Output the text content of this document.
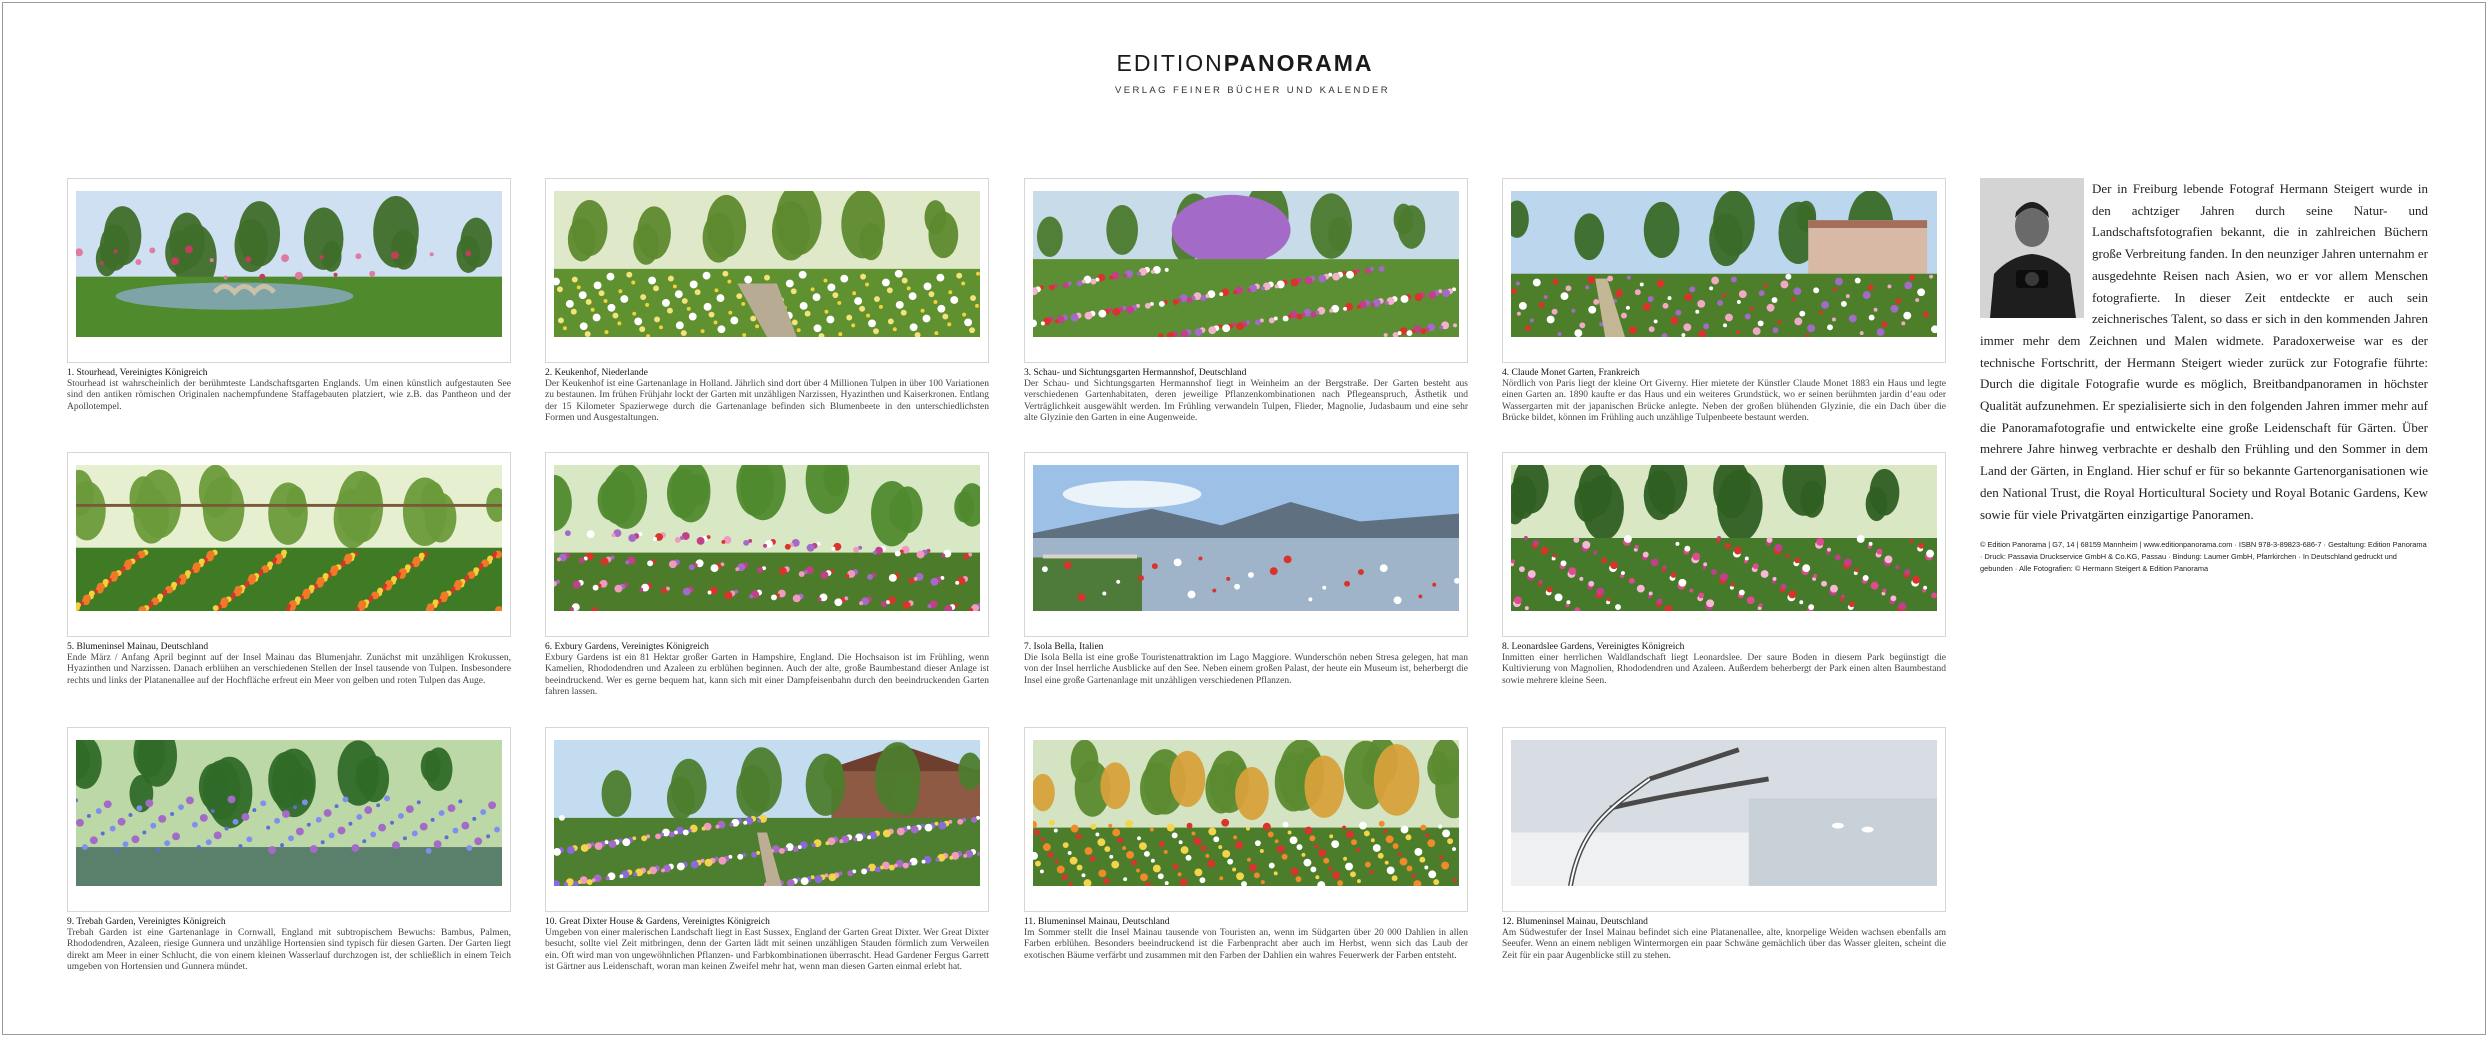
EDITIONPANORAMA
VERLAG FEINER BÜCHER UND KALENDER
1. Stourhead, Vereinigtes Königreich

Stourhead ist wahrscheinlich der berühmteste Landschaftsgarten Englands. Um einen künstlich aufgestauten See sind den antiken römischen Originalen nachempfundene Staffagebauten platziert, wie z.B. das Pantheon und der Apollotempel.

2. Keukenhof, Niederlande

Der Keukenhof ist eine Gartenanlage in Holland. Jährlich sind dort über 4 Millionen Tulpen in über 100 Variationen zu bestaunen. Im frühen Frühjahr lockt der Garten mit unzähligen Narzissen, Hyazinthen und Kaiserkronen. Entlang der 15 Kilometer Spazierwege durch die Gartenanlage befinden sich Blumenbeete in den unterschiedlichsten Formen und Ausgestaltungen.

3. Schau- und Sichtungsgarten Hermannshof, Deutschland

Der Schau- und Sichtungsgarten Hermannshof liegt in Weinheim an der Bergstraße. Der Garten besteht aus verschiedenen Gartenhabitaten, deren jeweilige Pflanzenkombinationen nach Pflegeanspruch, Ästhetik und Verträglichkeit ausgewählt werden. Im Frühling verwandeln Tulpen, Flieder, Magnolie, Judasbaum und eine sehr alte Glyzinie den Garten in eine Augenweide.

4. Claude Monet Garten, Frankreich

Nördlich von Paris liegt der kleine Ort Giverny. Hier mietete der Künstler Claude Monet 1883 ein Haus und legte einen Garten an. 1890 kaufte er das Haus und ein weiteres Grundstück, wo er seinen berühmten jardin d’eau oder Wassergarten mit der japanischen Brücke anlegte. Neben der großen blühenden Glyzinie, die ein Dach über die Brücke bildet, können im Frühling auch unzählige Tulpenbeete bestaunt werden.

5. Blumeninsel Mainau, Deutschland

Ende März / Anfang April beginnt auf der Insel Mainau das Blumenjahr. Zunächst mit unzähligen Krokussen, Hyazinthen und Narzissen. Danach erblühen an verschiedenen Stellen der Insel tausende von Tulpen. Insbesondere rechts und links der Platanenallee auf der Hochfläche erfreut ein Meer von gelben und roten Tulpen das Auge.

6. Exbury Gardens, Vereinigtes Königreich

Exbury Gardens ist ein 81 Hektar großer Garten in Hampshire, England. Die Hochsaison ist im Frühling, wenn Kamelien, Rhododendren und Azaleen zu erblühen beginnen. Auch der alte, große Baumbestand dieser Anlage ist beeindruckend. Wer es gerne bequem hat, kann sich mit einer Dampfeisenbahn durch den beeindruckenden Garten fahren lassen.

7. Isola Bella, Italien

Die Isola Bella ist eine große Touristenattraktion im Lago Maggiore. Wunderschön neben Stresa gelegen, hat man von der Insel herrliche Ausblicke auf den See. Neben einem großen Palast, der heute ein Museum ist, beherbergt die Insel eine große Gartenanlage mit unzähligen verschiedenen Pflanzen.

8. Leonardslee Gardens, Vereinigtes Königreich

Inmitten einer herrlichen Waldlandschaft liegt Leonardslee. Der saure Boden in diesem Park begünstigt die Kultivierung von Magnolien, Rhododendren und Azaleen. Außerdem beherbergt der Park einen alten Baumbestand sowie mehrere kleine Seen.

9. Trebah Garden, Vereinigtes Königreich

Trebah Garden ist eine Gartenanlage in Cornwall, England mit subtropischem Bewuchs: Bambus, Palmen, Rhododendren, Azaleen, riesige Gunnera und unzählige Hortensien sind typisch für diesen Garten. Der Garten liegt direkt am Meer in einer Schlucht, die von einem kleinen Wasserlauf durchzogen ist, der schließlich in einem Teich umgeben von Hortensien und Gunnera mündet.

10. Great Dixter House & Gardens, Vereinigtes Königreich

Umgeben von einer malerischen Landschaft liegt in East Sussex, England der Garten Great Dixter. Wer Great Dixter besucht, sollte viel Zeit mitbringen, denn der Garten lädt mit seinen unzähligen Stauden förmlich zum Verweilen ein. Oft wird man von ungewöhnlichen Pflanzen- und Farbkombinationen überrascht. Head Gardener Fergus Garrett ist Gärtner aus Leidenschaft, woran man keinen Zweifel mehr hat, wenn man diesen Garten einmal erlebt hat.

11. Blumeninsel Mainau, Deutschland

Im Sommer stellt die Insel Mainau tausende von Touristen an, wenn im Südgarten über 20 000 Dahlien in allen Farben erblühen. Besonders beeindruckend ist die Farbenpracht aber auch im Herbst, wenn sich das Laub der exotischen Bäume verfärbt und zusammen mit den Farben der Dahlien ein wahres Feuerwerk der Farben entsteht.

12. Blumeninsel Mainau, Deutschland

Am Südwestufer der Insel Mainau befindet sich eine Platanenallee, alte, knorpelige Weiden wachsen ebenfalls am Seeufer. Wenn an einem nebligen Wintermorgen ein paar Schwäne gemächlich über das Wasser gleiten, scheint die Zeit für ein paar Augenblicke still zu stehen.

Der in Freiburg lebende Fotograf Hermann Steigert wurde in den achtziger Jahren durch seine Natur- und Landschaftsfotografien bekannt, die in zahlreichen Büchern große Verbreitung fanden. In den neunziger Jahren unternahm er ausgedehnte Reisen nach Asien, wo er vor allem Menschen fotografierte. In dieser Zeit entdeckte er auch sein zeichnerisches Talent, so dass er sich in den kommenden Jahren immer mehr dem Zeichnen und Malen widmete. Paradoxerweise war es der technische Fortschritt, der Hermann Steigert wieder zurück zur Fotografie führte: Durch die digitale Fotografie wurde es möglich, Breitbandpanoramen in höchster Qualität aufzunehmen. Er spezialisierte sich in den folgenden Jahren immer mehr auf die Panoramafotografie und entwickelte eine große Leidenschaft für Gärten. Über mehrere Jahre hinweg verbrachte er deshalb den Frühling und den Sommer in dem Land der Gärten, in England. Hier schuf er für so bekannte Gartenorganisationen wie den National Trust, die Royal Horticultural Society und Royal Botanic Gardens, Kew sowie für viele Privatgärten einzigartige Panoramen.

© Edition Panorama | G7, 14 | 68159 Mannheim | www.editionpanorama.com · ISBN 978-3-89823-686-7 · Gestaltung: Edition Panorama · Druck: Passavia Druckservice GmbH & Co.KG, Passau · Bindung: Laumer GmbH, Pfarrkirchen · In Deutschland gedruckt und gebunden · Alle Fotografien: © Hermann Steigert & Edition Panorama
